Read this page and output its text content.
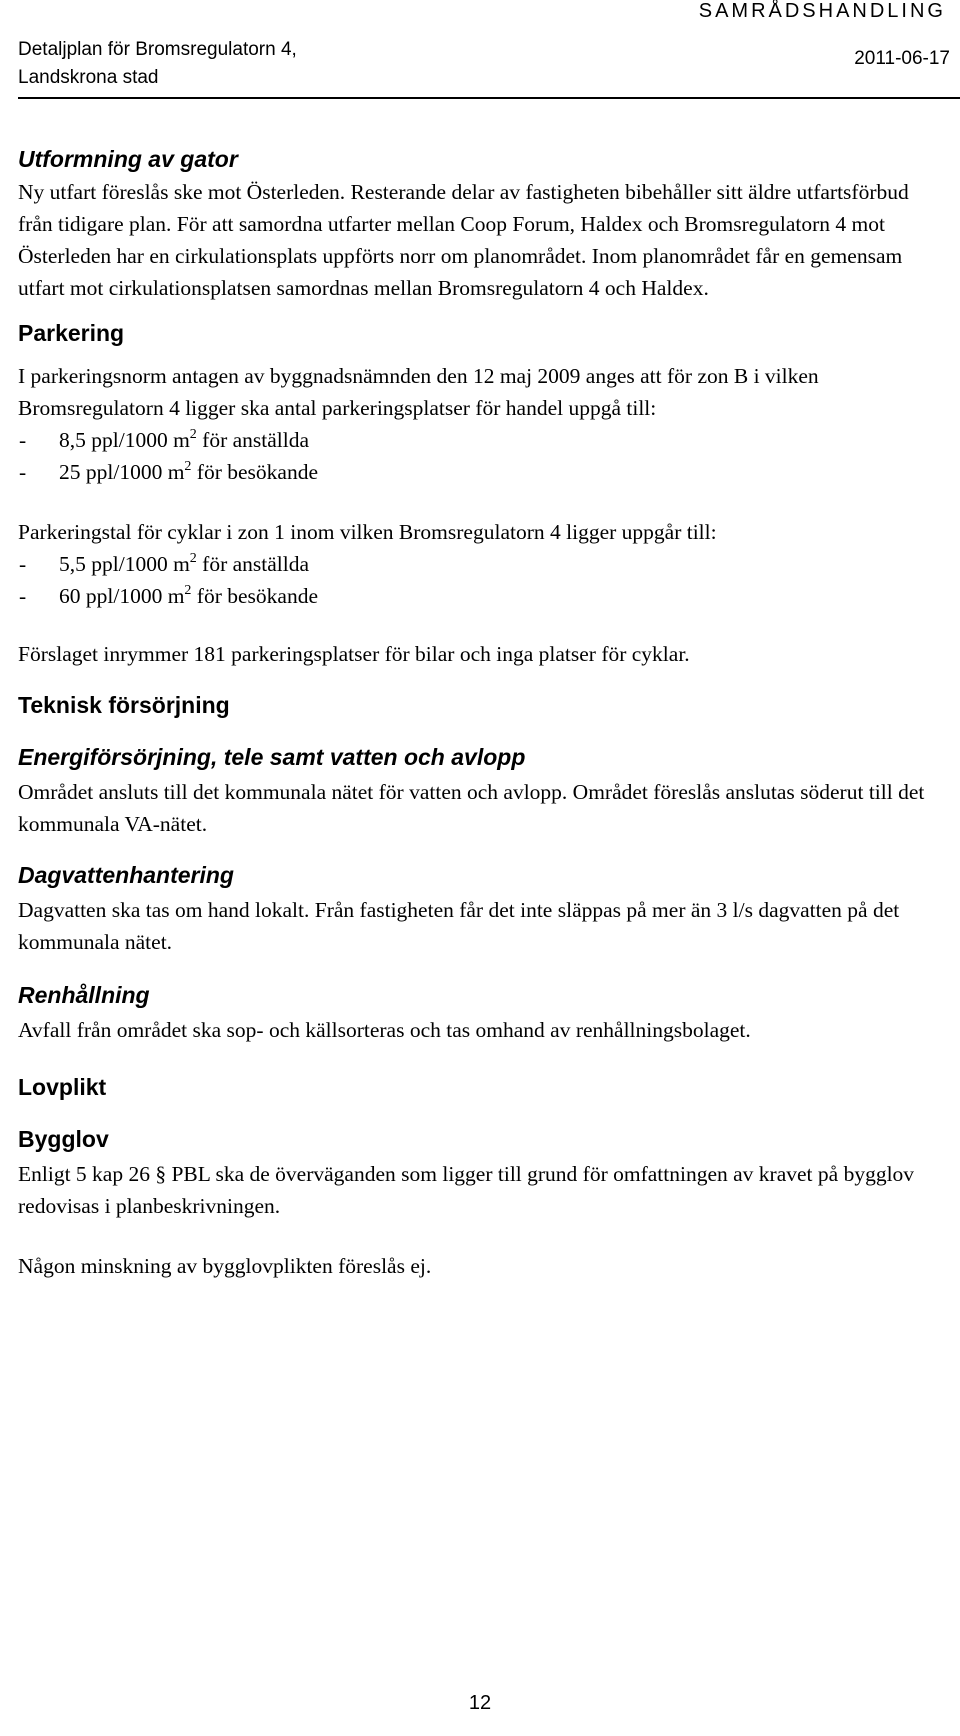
Detaljplan för Bromsregulatorn 4,
Landskrona stad
SAMRÅDSHANDLING
2011-06-17
Utformning av gator

Ny utfart föreslås ske mot Österleden. Resterande delar av fastigheten bibehåller sitt äldre utfartsförbud från tidigare plan. För att samordna utfarter mellan Coop Forum, Haldex och Bromsregulatorn 4 mot Österleden har en cirkulationsplats uppförts norr om planområdet. Inom planområdet får en gemensam utfart mot cirkulationsplatsen samordnas mellan Bromsregulatorn 4 och Haldex.

Parkering

I parkeringsnorm antagen av byggnadsnämnden den 12 maj 2009 anges att för zon B i vilken Bromsregulatorn 4 ligger ska antal parkeringsplatser för handel uppgå till:

-	8,5 ppl/1000 $m^2$ för anställda
-	25 ppl/1000 $m^2$ för besökande

Parkeringstal för cyklar i zon 1 inom vilken Bromsregulatorn 4 ligger uppgår till:

-	5,5 ppl/1000 $m^2$ för anställda
-	60 ppl/1000 $m^2$ för besökande

Förslaget inrymmer 181 parkeringsplatser för bilar och inga platser för cyklar.

Teknisk försörjning
Energiförsörjning, tele samt vatten och avlopp

Området ansluts till det kommunala nätet för vatten och avlopp. Området föreslås anslutas söderut till det kommunala VA-nätet.

Dagvattenhantering

Dagvatten ska tas om hand lokalt. Från fastigheten får det inte släppas på mer än 3 l/s dagvatten på det kommunala nätet.

Renhållning

Avfall från området ska sop- och källsorteras och tas omhand av renhållningsbolaget.

Lovplikt
Bygglov

Enligt 5 kap 26 § PBL ska de överväganden som ligger till grund för omfattningen av kravet på bygglov redovisas i planbeskrivningen.

Någon minskning av bygglovplikten föreslås ej.

12
